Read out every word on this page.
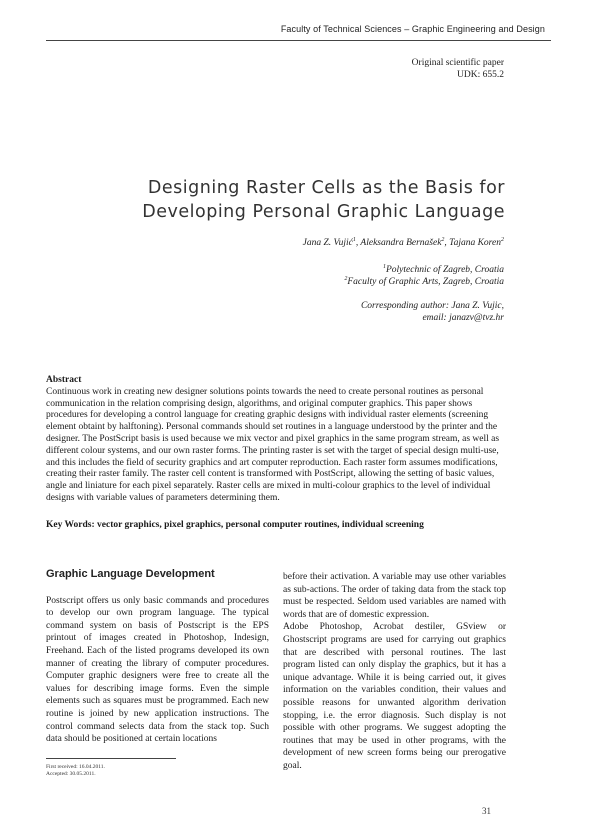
Faculty of Technical Sciences – Graphic Engineering and Design
Original scientific paper
UDK: 655.2
Designing Raster Cells as the Basis for
Developing Personal Graphic Language
Jana Z. Vujić$^1$, Aleksandra Bernašek$^2$, Tajana Koren$^2$
$^1$Polytechnic of Zagreb, Croatia
$^2$Faculty of Graphic Arts, Zagreb, Croatia
Corresponding author: Jana Z. Vujic,
email: janazv@tvz.hr
Abstract
Continuous work in creating new designer solutions points towards the need to create personal routines as personal communication in the relation comprising design, algorithms, and original computer graphics. This paper shows procedures for developing a control language for creating graphic designs with individual raster elements (screening element obtaint by halftoning). Personal commands should set routines in a language understood by the printer and the designer. The PostScript basis is used because we mix vector and pixel graphics in the same program stream, as well as different colour systems, and our own raster forms. The printing raster is set with the target of special design multi-use, and this includes the field of security graphics and art computer reproduction. Each raster form assumes modifications, creating their raster family. The raster cell content is transformed with PostScript, allowing the setting of basic values, angle and liniature for each pixel separately. Raster cells are mixed in multi-colour graphics to the level of individual designs with variable values of parameters determining them.
Key Words: vector graphics, pixel graphics, personal computer routines, individual screening
Graphic Language Development

Postscript offers us only basic commands and procedures to develop our own program language. The typical command system on basis of Postscript is the EPS printout of images created in Photoshop, Indesign, Freehand. Each of the listed programs developed its own manner of creating the library of computer procedures. Computer graphic designers were free to create all the values for describing image forms. Even the simple elements such as squares must be programmed. Each new routine is joined by new application instructions. The control command selects data from the stack top. Such data should be positioned at certain locations

before their activation. A variable may use other variables as sub-actions. The order of taking data from the stack top must be respected. Seldom used variables are named with words that are of domestic expression.

Adobe Photoshop, Acrobat destiler, GSview or Ghostscript programs are used for carrying out graphics that are described with personal routines. The last program listed can only display the graphics, but it has a unique advantage. While it is being carried out, it gives information on the variables condition, their values and possible reasons for unwanted algorithm derivation stopping, i.e. the error diagnosis. Such display is not possible with other programs. We suggest adopting the routines that may be used in other programs, with the development of new screen forms being our prerogative goal.

First received: 16.04.2011.
Accepted: 30.05.2011.
31
